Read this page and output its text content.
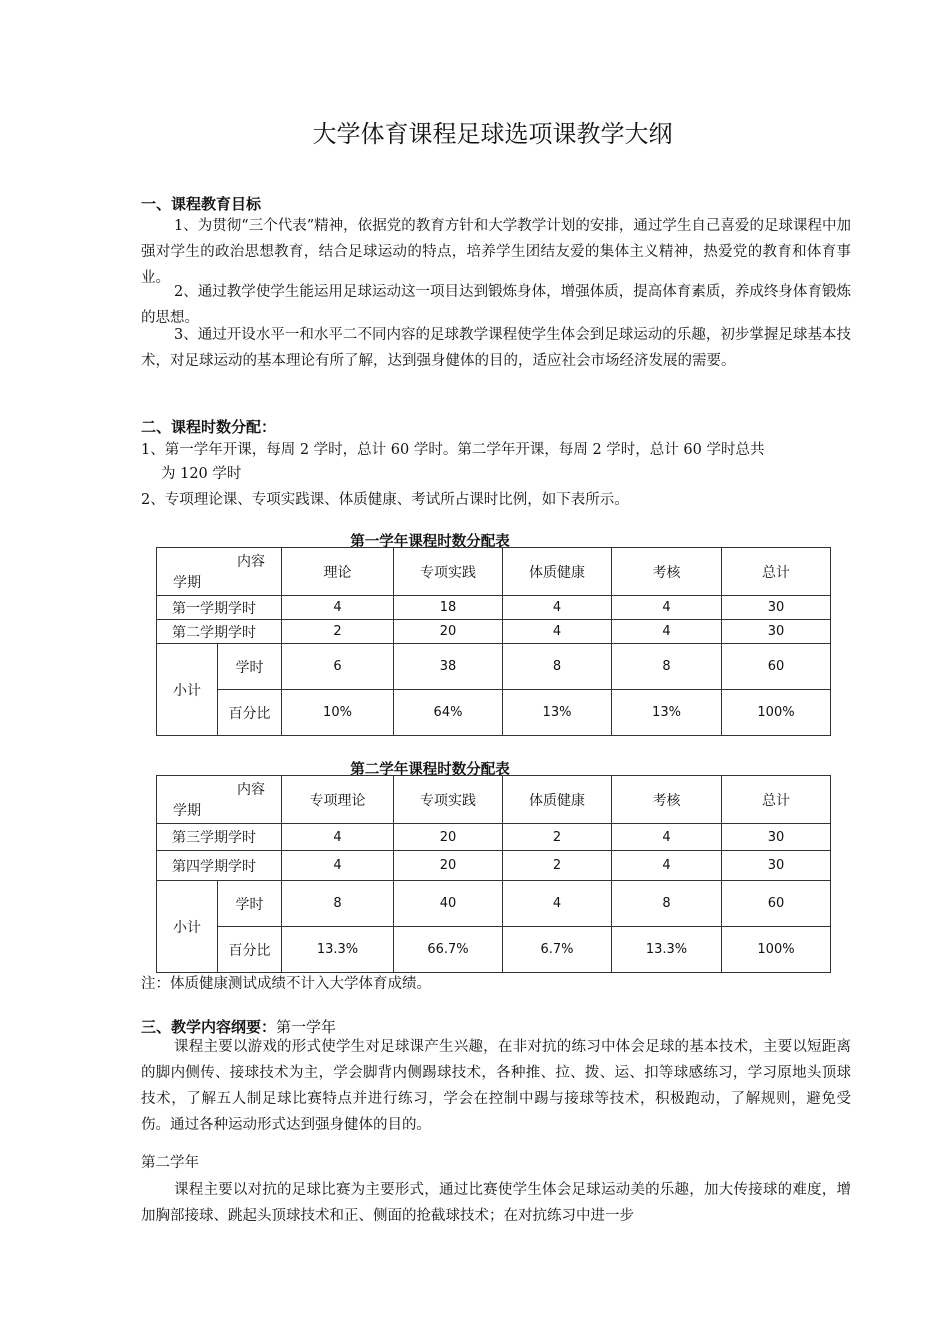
大学体育课程足球选项课教学大纲

一、课程教育目标

1、为贯彻“三个代表”精神，依据党的教育方针和大学教学计划的安排，通过学生自己喜爱的足球课程中加强对学生的政治思想教育，结合足球运动的特点，培养学生团结友爱的集体主义精神，热爱党的教育和体育事业。

2、通过教学使学生能运用足球运动这一项目达到锻炼身体，增强体质，提高体育素质，养成终身体育锻炼的思想。

3、通过开设水平一和水平二不同内容的足球教学课程使学生体会到足球运动的乐趣，初步掌握足球基本技术，对足球运动的基本理论有所了解，达到强身健体的目的，适应社会市场经济发展的需要。

二、课程时数分配：

1、第一学年开课，每周 2 学时，总计 60 学时。第二学年开课，每周 2 学时，总计 60 学时总共
为 120 学时
2、专项理论课、专项实践课、体质健康、考试所占课时比例，如下表所示。

第一学年课程时数分配表

内容
学期		理论	专项实践	体质健康	考核	总计
第一学期学时		4	18	4	4	30
第二学期学时		2	20	4	4	30
小计	学时	6	38	8	8	60
	百分比	10%	64%	13%	13%	100%

第二学年课程时数分配表

内容
学期		专项理论	专项实践	体质健康	考核	总计
第三学期学时		4	20	2	4	30
第四学期学时		4	20	2	4	30
小计	学时	8	40	4	8	60
	百分比	13.3%	66.7%	6.7%	13.3%	100%

注：体质健康测试成绩不计入大学体育成绩。

三、教学内容纲要：第一学年

课程主要以游戏的形式使学生对足球课产生兴趣，在非对抗的练习中体会足球的基本技术，主要以短距离的脚内侧传、接球技术为主，学会脚背内侧踢球技术，各种推、拉、拨、运、扣等球感练习，学习原地头顶球技术，了解五人制足球比赛特点并进行练习，学会在控制中踢与接球等技术，积极跑动，了解规则，避免受伤。通过各种运动形式达到强身健体的目的。

第二学年

课程主要以对抗的足球比赛为主要形式，通过比赛使学生体会足球运动美的乐趣，加大传接球的难度，增加胸部接球、跳起头顶球技术和正、侧面的抢截球技术；在对抗练习中进一步
